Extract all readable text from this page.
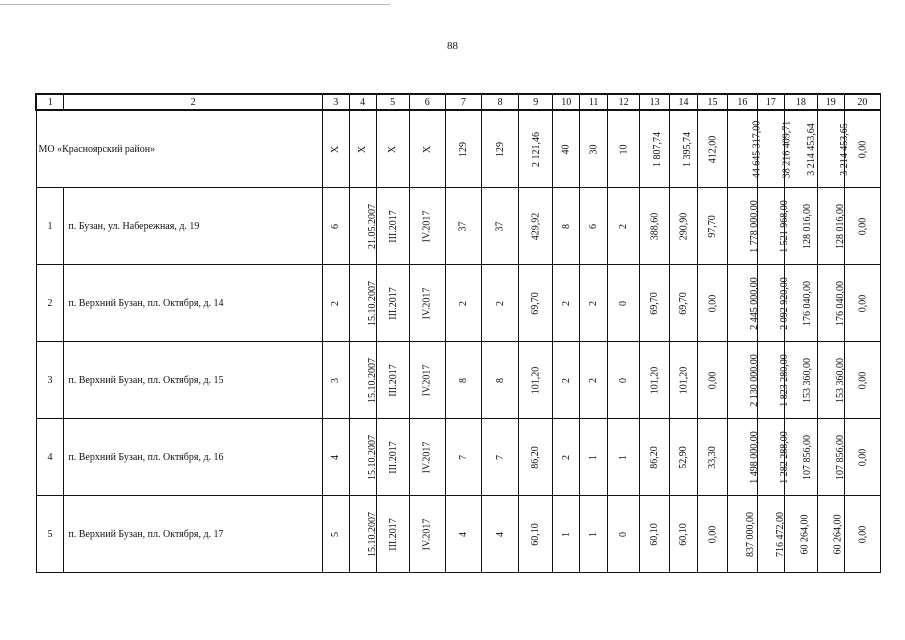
88
1	2	3	4	5	6	7	8	9	10	11	12	13	14	15	16	17	18	19	20
МО «Красноярский район»		X	X	X	X	129	129	2 121,46	40	30	10	1 807,74	1 395,74	412,00	44 645 317,00	38 216 409,71	3 214 453,64	3 214 453,65	0,00
1	п. Бузан, ул. Набережная, д. 19	6	21.05.2007	III.2017	IV.2017	37	37	429,92	8	6	2	388,60	290,90	97,70	1 778 000,00	1 521 968,00	128 016,00	128 016,00	0,00
2	п. Верхний Бузан, пл. Октября, д. 14	2	15.10.2007	III.2017	IV.2017	2	2	69,70	2	2	0	69,70	69,70	0,00	2 445 000,00	2 092 920,00	176 040,00	176 040,00	0,00
3	п. Верхний Бузан, пл. Октября, д. 15	3	15.10.2007	III.2017	IV.2017	8	8	101,20	2	2	0	101,20	101,20	0,00	2 130 000,00	1 823 280,00	153 360,00	153 360,00	0,00
4	п. Верхний Бузан, пл. Октября, д. 16	4	15.10.2007	III.2017	IV.2017	7	7	86,20	2	1	1	86,20	52,90	33,30	1 498 000,00	1 282 288,00	107 856,00	107 856,00	0,00
5	п. Верхний Бузан, пл. Октября, д. 17	5	15.10.2007	III.2017	IV.2017	4	4	60,10	1	1	0	60,10	60,10	0,00	837 000,00	716 472,00	60 264,00	60 264,00	0,00
